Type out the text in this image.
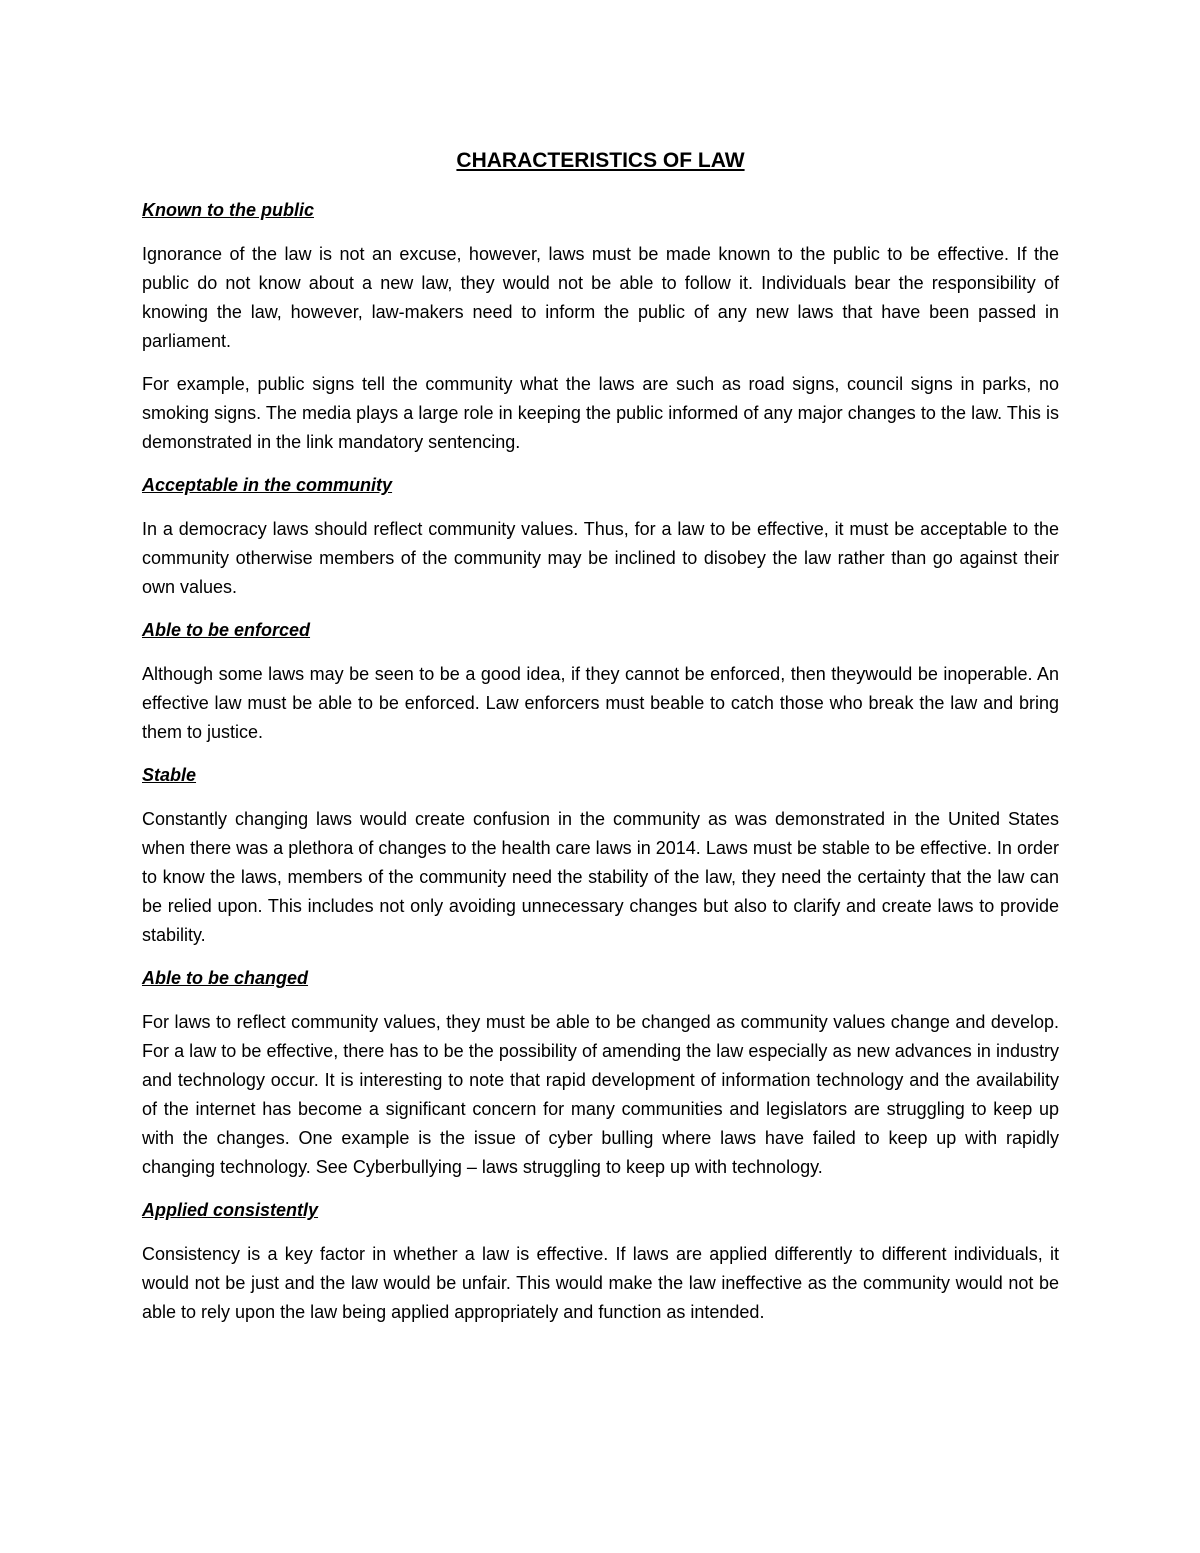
CHARACTERISTICS OF LAW
Known to the public

Ignorance of the law is not an excuse, however, laws must be made known to the public to be effective. If the public do not know about a new law, they would not be able to follow it. Individuals bear the responsibility of knowing the law, however, law-makers need to inform the public of any new laws that have been passed in parliament.

For example, public signs tell the community what the laws are such as road signs, council signs in parks, no smoking signs. The media plays a large role in keeping the public informed of any major changes to the law. This is demonstrated in the link mandatory sentencing.

Acceptable in the community

In a democracy laws should reflect community values. Thus, for a law to be effective, it must be acceptable to the community otherwise members of the community may be inclined to disobey the law rather than go against their own values.

Able to be enforced

Although some laws may be seen to be a good idea, if they cannot be enforced, then theywould be inoperable. An effective law must be able to be enforced. Law enforcers must beable to catch those who break the law and bring them to justice.

Stable

Constantly changing laws would create confusion in the community as was demonstrated in the United States when there was a plethora of changes to the health care laws in 2014. Laws must be stable to be effective. In order to know the laws, members of the community need the stability of the law, they need the certainty that the law can be relied upon. This includes not only avoiding unnecessary changes but also to clarify and create laws to provide stability.

Able to be changed

For laws to reflect community values, they must be able to be changed as community values change and develop. For a law to be effective, there has to be the possibility of amending the law especially as new advances in industry and technology occur. It is interesting to note that rapid development of information technology and the availability of the internet has become a significant concern for many communities and legislators are struggling to keep up with the changes. One example is the issue of cyber bulling where laws have failed to keep up with rapidly changing technology. See Cyberbullying – laws struggling to keep up with technology.

Applied consistently

Consistency is a key factor in whether a law is effective. If laws are applied differently to different individuals, it would not be just and the law would be unfair. This would make the law ineffective as the community would not be able to rely upon the law being applied appropriately and function as intended.
